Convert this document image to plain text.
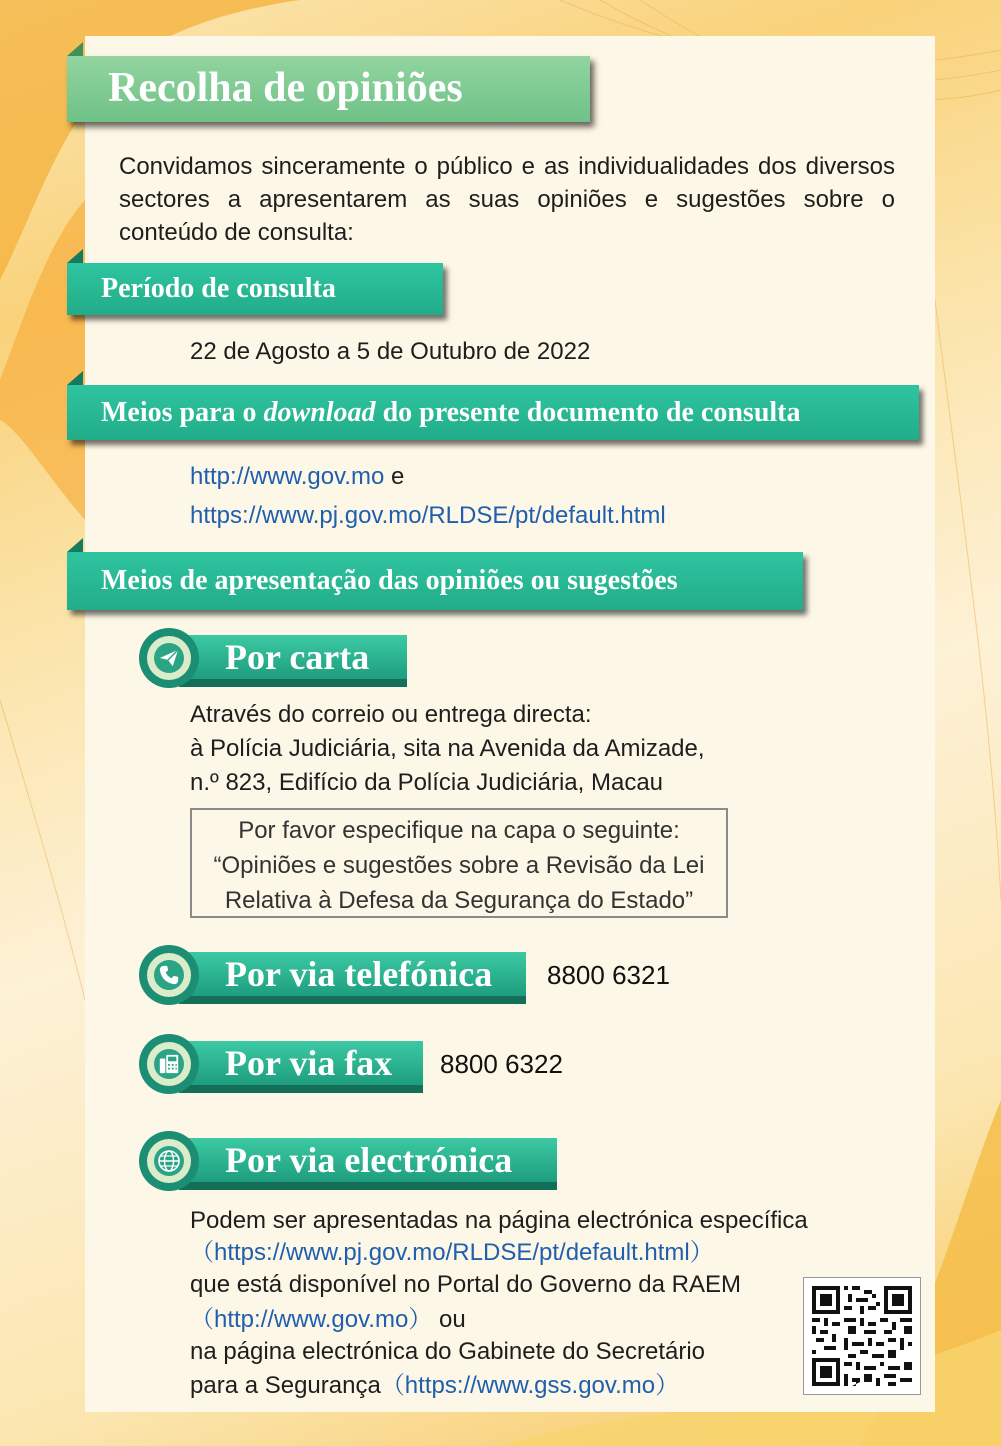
Recolha de opiniões
Convidamos sinceramente o público e as individualidades dos diversos sectores a apresentarem as suas opiniões e sugestões sobre o conteúdo de consulta:
Período de consulta
22 de Agosto a 5 de Outubro de 2022
Meios para o download do presente documento de consulta
http://www.gov.mo e
https://www.pj.gov.mo/RLDSE/pt/default.html
Meios de apresentação das opiniões ou sugestões
Por carta
Através do correio ou entrega directa:
à Polícia Judiciária, sita na Avenida da Amizade,
n.º 823, Edifício da Polícia Judiciária, Macau
Por favor especifique na capa o seguinte:
“Opiniões e sugestões sobre a Revisão da Lei
Relativa à Defesa da Segurança do Estado”
Por via telefónica	8800 6321
Por via fax	8800 6322
Por via electrónica
Podem ser apresentadas na página electrónica específica
（https://www.pj.gov.mo/RLDSE/pt/default.html）
que está disponível no Portal do Governo da RAEM
（http://www.gov.mo） ou
na página electrónica do Gabinete do Secretário
para a Segurança（https://www.gss.gov.mo）
